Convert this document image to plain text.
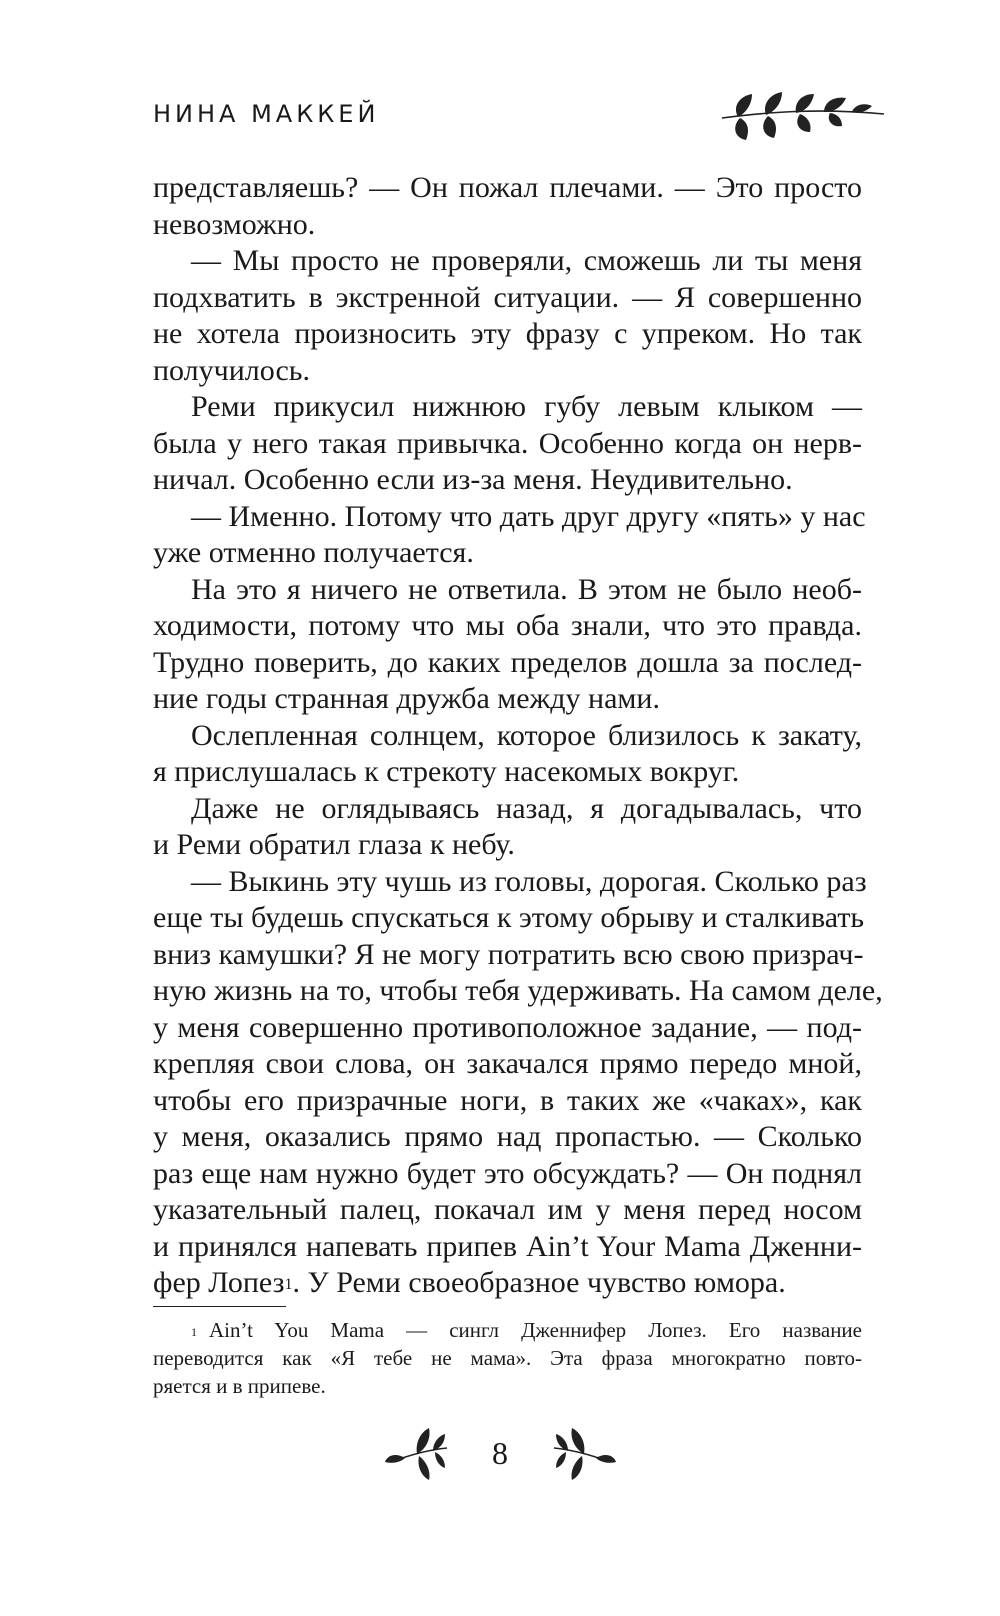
НИНА МАККЕЙ
представляешь? — Он пожал плечами. — Это просто
невозможно.
— Мы просто не проверяли, сможешь ли ты меня
подхватить в экстренной ситуации. — Я совершенно
не хотела произносить эту фразу с упреком. Но так
получилось.
Реми прикусил нижнюю губу левым клыком —
была у него такая привычка. Особенно когда он нерв-
ничал. Особенно если из-за меня. Неудивительно.
— Именно. Потому что дать друг другу «пять» у нас
уже отменно получается.
На это я ничего не ответила. В этом не было необ-
ходимости, потому что мы оба знали, что это правда.
Трудно поверить, до каких пределов дошла за послед-
ние годы странная дружба между нами.
Ослепленная солнцем, которое близилось к закату,
я прислушалась к стрекоту насекомых вокруг.
Даже не оглядываясь назад, я догадывалась, что
и Реми обратил глаза к небу.
— Выкинь эту чушь из головы, дорогая. Сколько раз
еще ты будешь спускаться к этому обрыву и сталкивать
вниз камушки? Я не могу потратить всю свою призрач-
ную жизнь на то, чтобы тебя удерживать. На самом деле,
у меня совершенно противоположное задание, — под-
крепляя свои слова, он закачался прямо передо мной,
чтобы его призрачные ноги, в таких же «чаках», как
у меня, оказались прямо над пропастью. — Сколько
раз еще нам нужно будет это обсуждать? — Он поднял
указательный палец, покачал им у меня перед носом
и принялся напевать припев Ain’t Your Mama Дженни-
фер Лопез$^1$. У Реми своеобразное чувство юмора.
$^1$ Ain’t You Mama — сингл Дженнифер Лопез. Его название
переводится как «Я тебе не мама». Эта фраза многократно повто-
ряется и в припеве.
8
